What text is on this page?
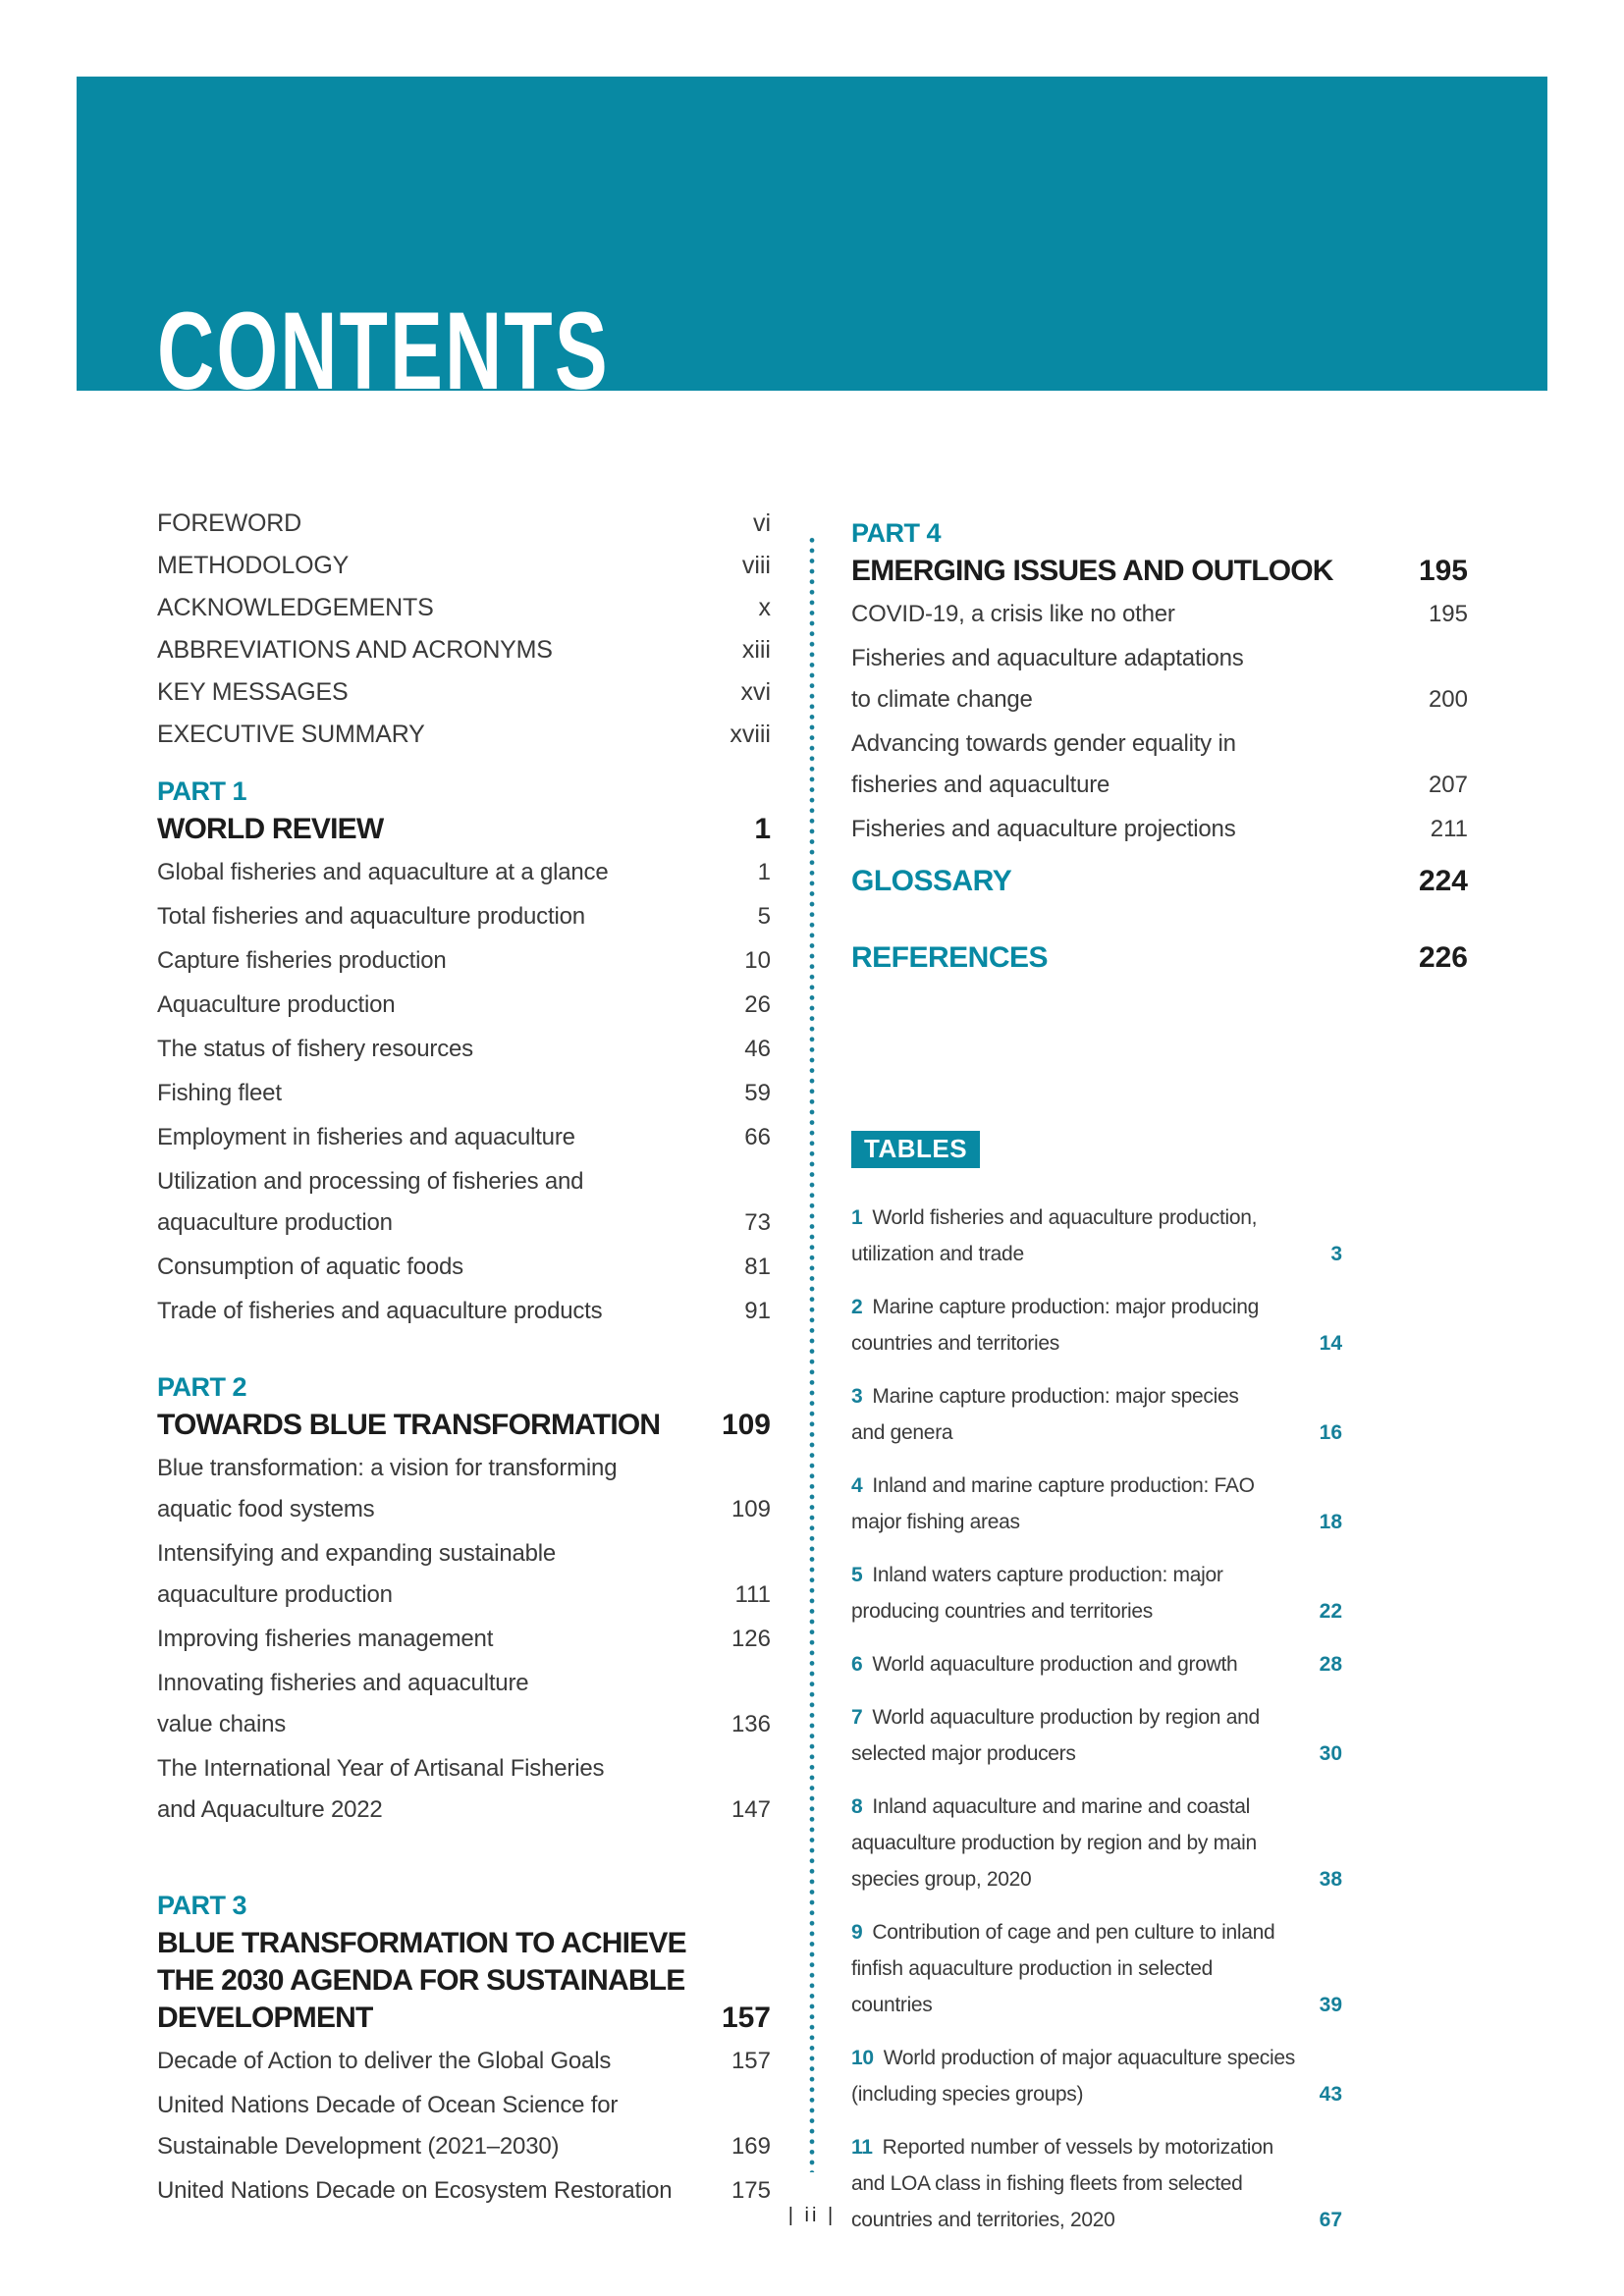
CONTENTS
FOREWORD	vi
METHODOLOGY	viii
ACKNOWLEDGEMENTS	x
ABBREVIATIONS AND ACRONYMS	xiii
KEY MESSAGES	xvi
EXECUTIVE SUMMARY	xviii
PART 1
WORLD REVIEW	1
Global fisheries and aquaculture at a glance	1
Total fisheries and aquaculture production	5
Capture fisheries production	10
Aquaculture production	26
The status of fishery resources	46
Fishing fleet	59
Employment in fisheries and aquaculture	66
Utilization and processing of fisheries and
aquaculture production	73
Consumption of aquatic foods	81
Trade of fisheries and aquaculture products	91
PART 2
TOWARDS BLUE TRANSFORMATION	109
Blue transformation: a vision for transforming
aquatic food systems	109
Intensifying and expanding sustainable
aquaculture production	111
Improving fisheries management	126
Innovating fisheries and aquaculture
value chains	136
The International Year of Artisanal Fisheries
and Aquaculture 2022	147
PART 3
BLUE TRANSFORMATION TO ACHIEVE
THE 2030 AGENDA FOR SUSTAINABLE
DEVELOPMENT	157
Decade of Action to deliver the Global Goals	157
United Nations Decade of Ocean Science for
Sustainable Development (2021–2030)	169
United Nations Decade on Ecosystem Restoration	175
PART 4
EMERGING ISSUES AND OUTLOOK	195
COVID-19, a crisis like no other	195
Fisheries and aquaculture adaptations
to climate change	200
Advancing towards gender equality in
fisheries and aquaculture	207
Fisheries and aquaculture projections	211
GLOSSARY	224
REFERENCES	226
TABLES
1 World fisheries and aquaculture production,
utilization and trade	3
2 Marine capture production: major producing
countries and territories	14
3 Marine capture production: major species
and genera	16
4 Inland and marine capture production: FAO
major fishing areas	18
5 Inland waters capture production: major
producing countries and territories	22
6 World aquaculture production and growth	28
7 World aquaculture production by region and
selected major producers	30
8 Inland aquaculture and marine and coastal
aquaculture production by region and by main
species group, 2020	38
9 Contribution of cage and pen culture to inland
finfish aquaculture production in selected
countries	39
10 World production of major aquaculture species
(including species groups)	43
11 Reported number of vessels by motorization
and LOA class in fishing fleets from selected
countries and territories, 2020	67
| ii |
